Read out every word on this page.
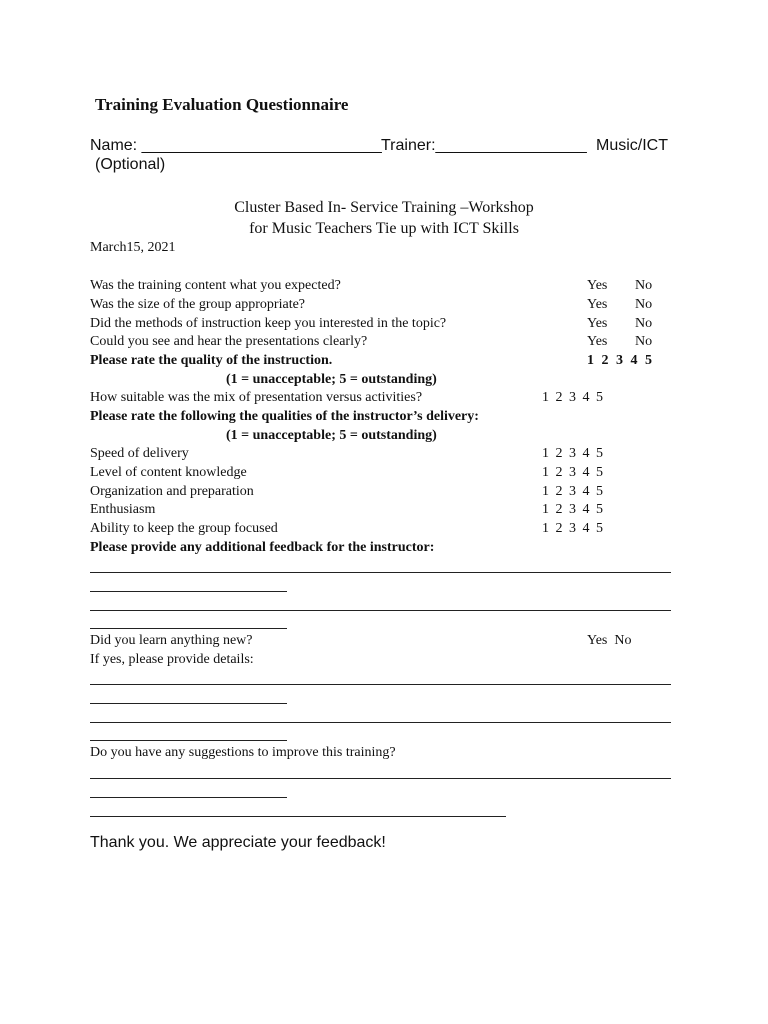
Training Evaluation Questionnaire
Name: ___________________________ Trainer:_________________ Music/ICT
(Optional)
Cluster Based In- Service Training –Workshop
for Music Teachers Tie up with ICT Skills
March15, 2021
Was the training content what you expected?	Yes No
Was the size of the group appropriate?	Yes No
Did the methods of instruction keep you interested in the topic?	Yes No
Could you see and hear the presentations clearly?	Yes No
Please rate the quality of the instruction.	1 2 3 4 5
(1 = unacceptable; 5 = outstanding)
How suitable was the mix of presentation versus activities?	1 2 3 4 5
Please rate the following the qualities of the instructor’s delivery:
(1 = unacceptable; 5 = outstanding)
Speed of delivery	1 2 3 4 5
Level of content knowledge	1 2 3 4 5
Organization and preparation	1 2 3 4 5
Enthusiasm	1 2 3 4 5
Ability to keep the group focused	1 2 3 4 5
Please provide any additional feedback for the instructor:
Did you learn anything new?	Yes  No
If yes, please provide details:
Do you have any suggestions to improve this training?
Thank you. We appreciate your feedback!
